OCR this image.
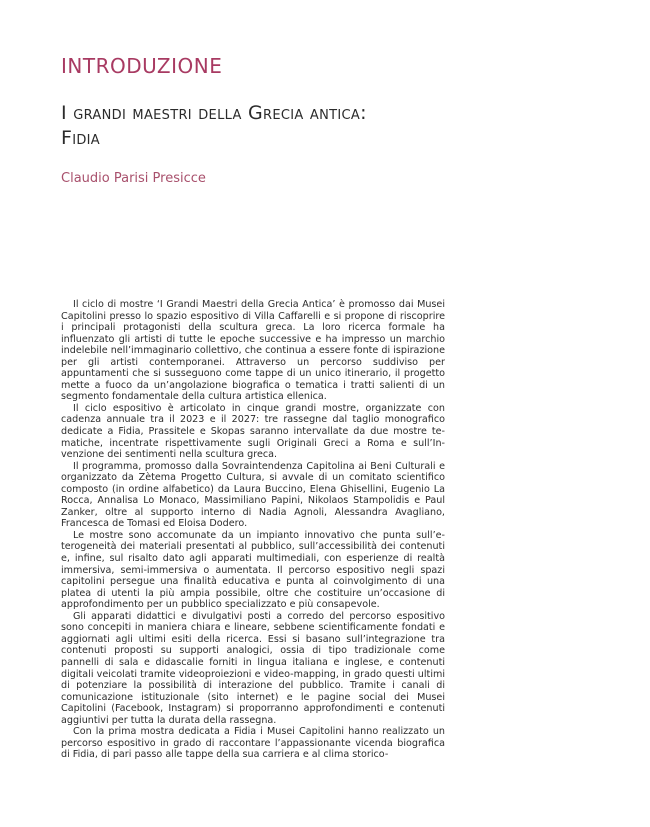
INTRODUZIONE
I grandi maestri della Grecia antica:
Fidia
Claudio Parisi Presicce

Il ciclo di mostre ‘I Grandi Maestri della Grecia Antica’ è promosso dai Musei Capitolini presso lo spazio espositivo di Villa Caffarelli e si propone di riscoprire i principali protagonisti della scultura greca. La loro ricerca formale ha influenzato gli artisti di tutte le epoche successive e ha impresso un marchio indelebile nell’immaginario collettivo, che continua a essere fonte di ispirazione per gli artisti contemporanei. Attraverso un percorso suddiviso per appuntamenti che si susseguono come tappe di un unico itinerario, il progetto mette a fuoco da un’angolazione biografica o tematica i tratti salienti di un segmento fondamentale della cultura artistica ellenica.

Il ciclo espositivo è articolato in cinque grandi mostre, organizzate con cadenza annuale tra il 2023 e il 2027: tre rassegne dal taglio monografico dedicate a Fidia, Prassitele e Skopas saranno intervallate da due mostre tematiche, incentrate rispettivamente sugli Originali Greci a Roma e sull’Invenzione dei sentimenti nella scultura greca.

Il programma, promosso dalla Sovraintendenza Capitolina ai Beni Culturali e organizzato da Zètema Progetto Cultura, si avvale di un comitato scientifico composto (in ordine alfabetico) da Laura Buccino, Elena Ghisellini, Eugenio La Rocca, Annalisa Lo Monaco, Massimiliano Papini, Nikolaos Stampolidis e Paul Zanker, oltre al supporto interno di Nadia Agnoli, Alessandra Avagliano, Francesca de Tomasi ed Eloisa Dodero.

Le mostre sono accomunate da un impianto innovativo che punta sull’eterogeneità dei materiali presentati al pubblico, sull’accessibilità dei contenuti e, infine, sul risalto dato agli apparati multimediali, con esperienze di realtà immersiva, semi-immersiva o aumentata. Il percorso espositivo negli spazi capitolini persegue una finalità educativa e punta al coinvolgimento di una platea di utenti la più ampia possibile, oltre che costituire un’occasione di approfondimento per un pubblico specializzato e più consapevole.

Gli apparati didattici e divulgativi posti a corredo del percorso espositivo sono concepiti in maniera chiara e lineare, sebbene scientificamente fondati e aggiornati agli ultimi esiti della ricerca. Essi si basano sull’integrazione tra contenuti proposti su supporti analogici, ossia di tipo tradizionale come pannelli di sala e didascalie forniti in lingua italiana e inglese, e contenuti digitali veicolati tramite videoproiezioni e video-mapping, in grado questi ultimi di potenziare la possibilità di interazione del pubblico. Tramite i canali di comunicazione istituzionale (sito internet) e le pagine social dei Musei Capitolini (Facebook, Instagram) si proporranno approfondimenti e contenuti aggiuntivi per tutta la durata della rassegna.

Con la prima mostra dedicata a Fidia i Musei Capitolini hanno realizzato un percorso espositivo in grado di raccontare l’appassionante vicenda biografica di Fidia, di pari passo alle tappe della sua carriera e al clima storico-
